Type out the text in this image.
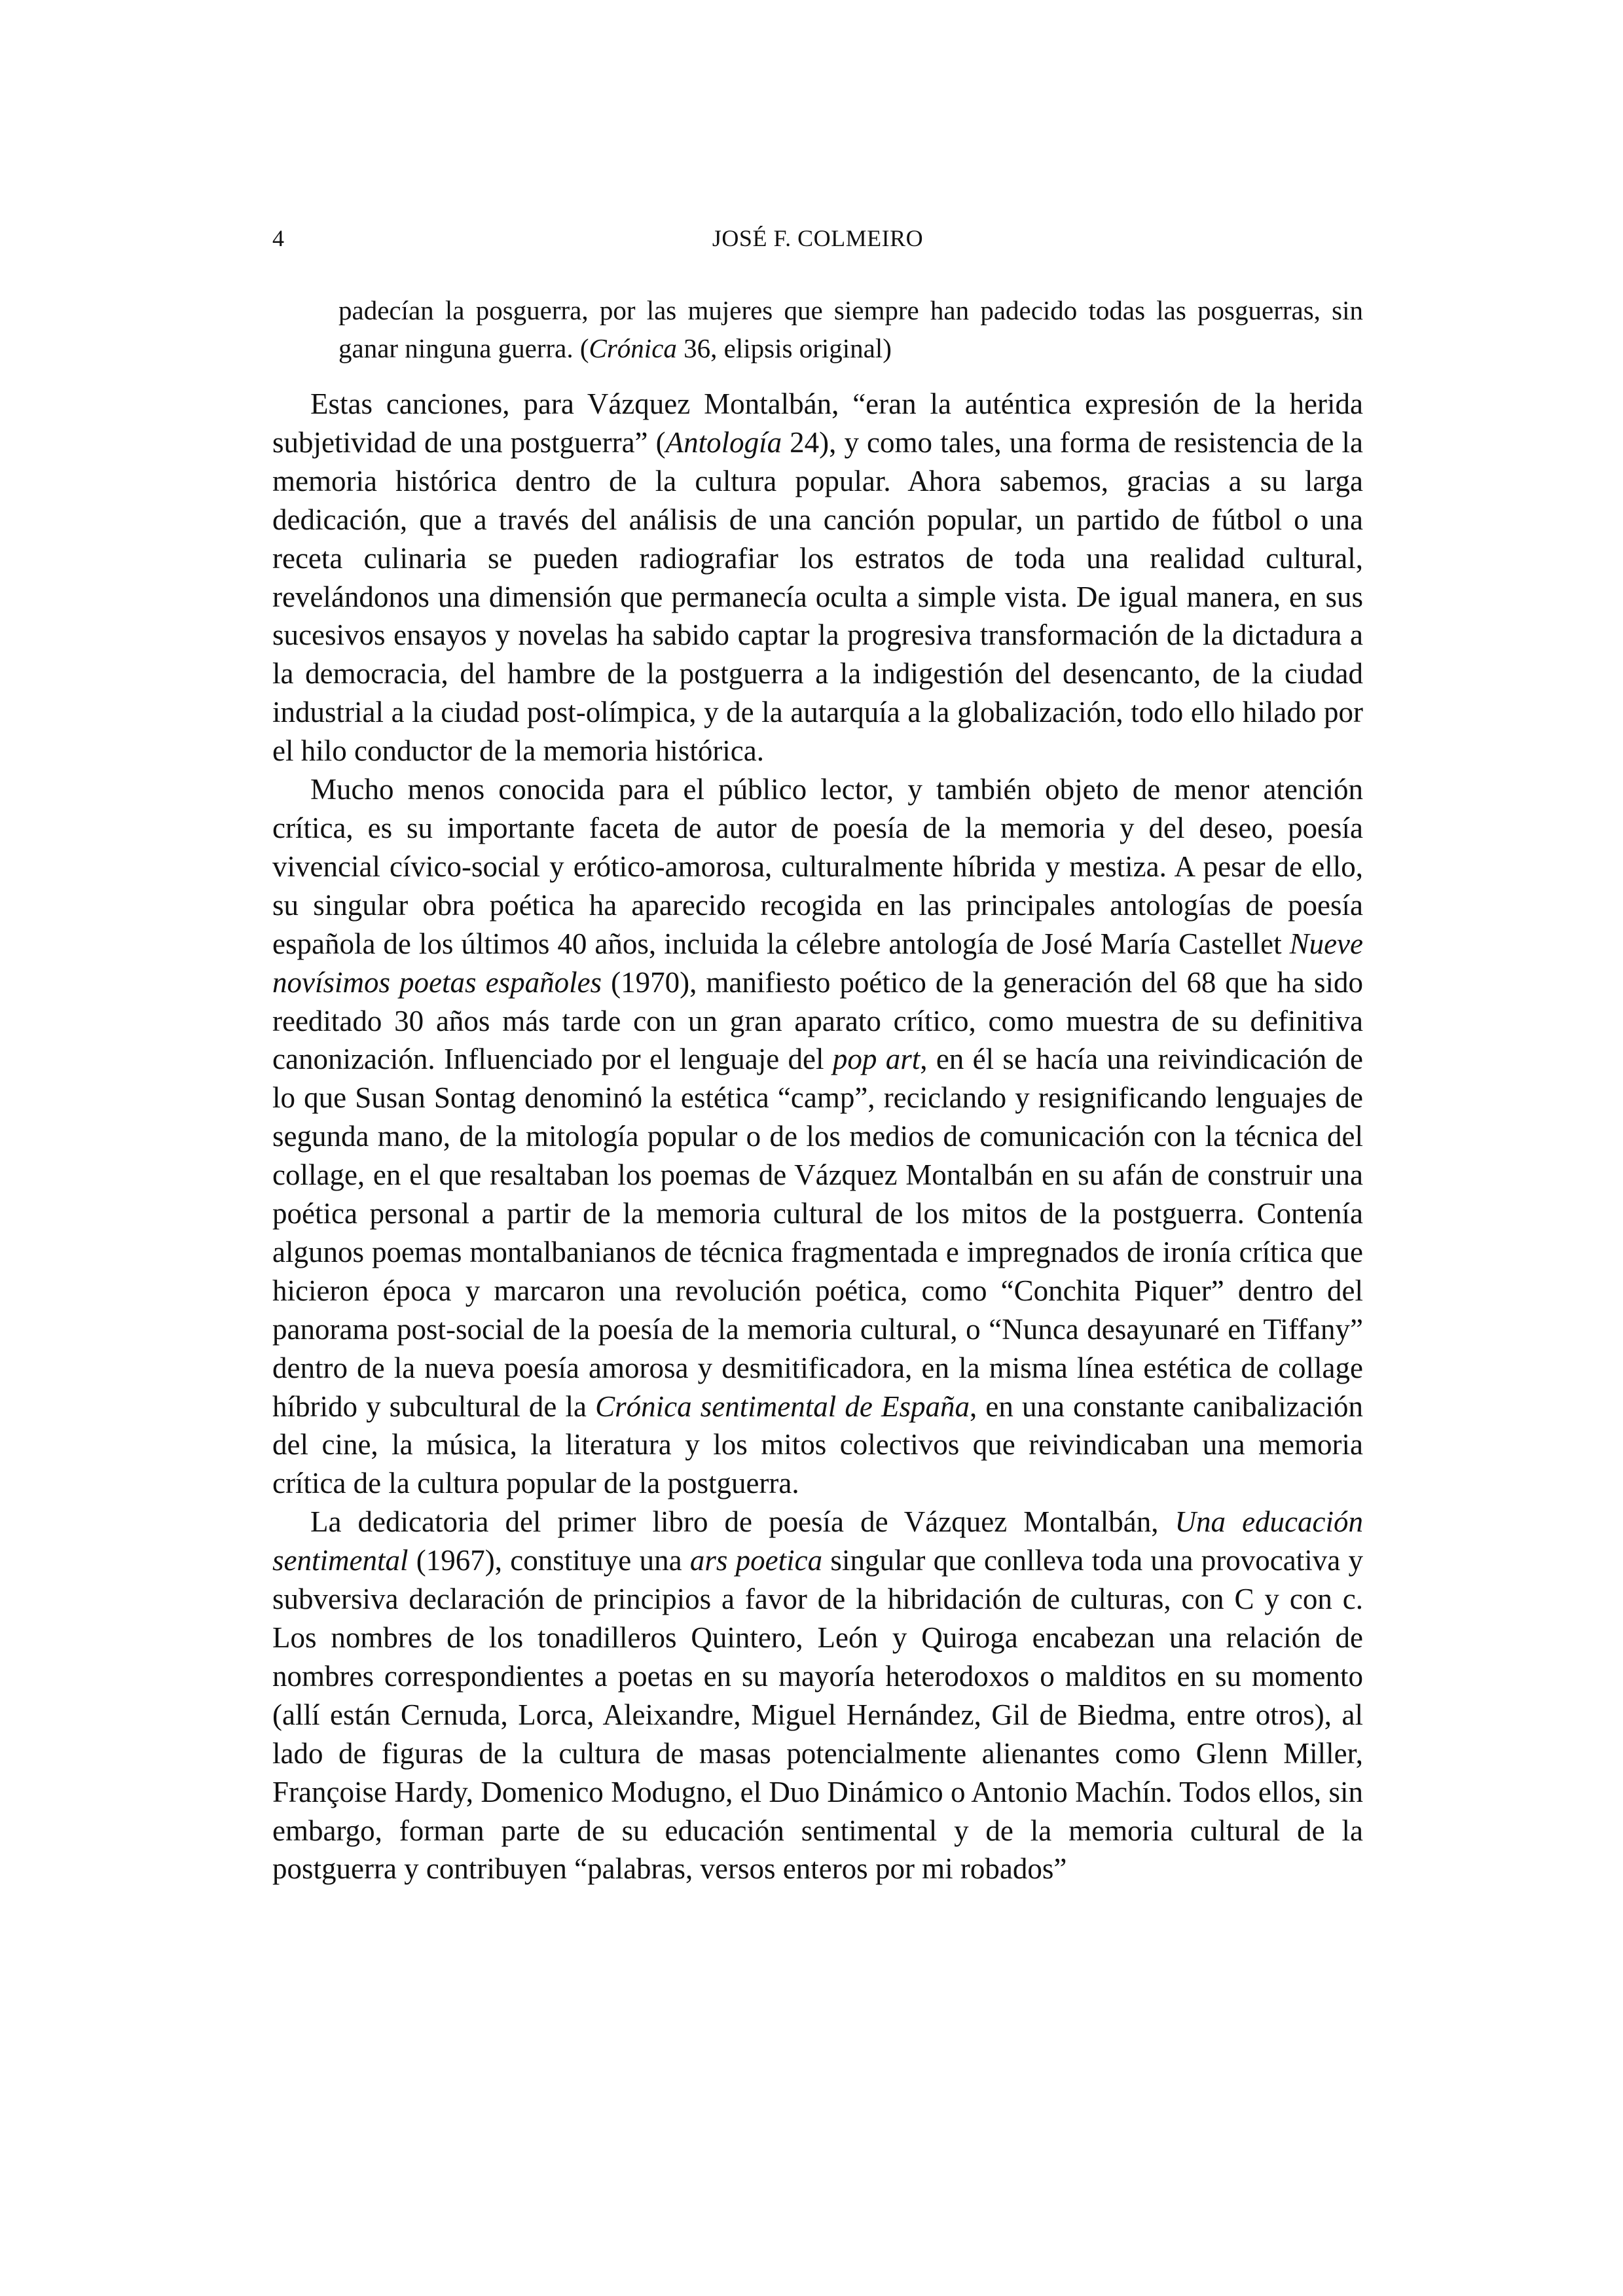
4	JOSÉ F. COLMEIRO

padecían la posguerra, por las mujeres que siempre han padecido todas las posguerras, sin ganar ninguna guerra. (Crónica 36, elipsis original)

Estas canciones, para Vázquez Montalbán, “eran la auténtica expresión de la herida subjetividad de una postguerra” (Antología 24), y como tales, una forma de resistencia de la memoria histórica dentro de la cultura popular. Ahora sabemos, gracias a su larga dedicación, que a través del análisis de una canción popular, un partido de fútbol o una receta culinaria se pueden radiografiar los estratos de toda una realidad cultural, revelándonos una dimensión que permanecía oculta a simple vista. De igual manera, en sus sucesivos ensayos y novelas ha sabido captar la progresiva transformación de la dictadura a la democracia, del hambre de la postguerra a la indigestión del desencanto, de la ciudad industrial a la ciudad post-olímpica, y de la autarquía a la globalización, todo ello hilado por el hilo conductor de la memoria histórica.

Mucho menos conocida para el público lector, y también objeto de menor atención crítica, es su importante faceta de autor de poesía de la memoria y del deseo, poesía vivencial cívico-social y erótico-amorosa, culturalmente híbrida y mestiza. A pesar de ello, su singular obra poética ha aparecido recogida en las principales antologías de poesía española de los últimos 40 años, incluida la célebre antología de José María Castellet Nueve novísimos poetas españoles (1970), manifiesto poético de la generación del 68 que ha sido reeditado 30 años más tarde con un gran aparato crítico, como muestra de su definitiva canonización. Influenciado por el lenguaje del pop art, en él se hacía una reivindicación de lo que Susan Sontag denominó la estética “camp”, reciclando y resignificando lenguajes de segunda mano, de la mitología popular o de los medios de comunicación con la técnica del collage, en el que resaltaban los poemas de Vázquez Montalbán en su afán de construir una poética personal a partir de la memoria cultural de los mitos de la postguerra. Contenía algunos poemas montalbanianos de técnica fragmentada e impregnados de ironía crítica que hicieron época y marcaron una revolución poética, como “Conchita Piquer” dentro del panorama post-social de la poesía de la memoria cultural, o “Nunca desayunaré en Tiffany” dentro de la nueva poesía amorosa y desmitificadora, en la misma línea estética de collage híbrido y subcultural de la Crónica sentimental de España, en una constante canibalización del cine, la música, la literatura y los mitos colectivos que reivindicaban una memoria crítica de la cultura popular de la postguerra.

La dedicatoria del primer libro de poesía de Vázquez Montalbán, Una educación sentimental (1967), constituye una ars poetica singular que conlleva toda una provocativa y subversiva declaración de principios a favor de la hibridación de culturas, con C y con c. Los nombres de los tonadilleros Quintero, León y Quiroga encabezan una relación de nombres correspondientes a poetas en su mayoría heterodoxos o malditos en su momento (allí están Cernuda, Lorca, Aleixandre, Miguel Hernández, Gil de Biedma, entre otros), al lado de figuras de la cultura de masas potencialmente alienantes como Glenn Miller, Françoise Hardy, Domenico Modugno, el Duo Dinámico o Antonio Machín. Todos ellos, sin embargo, forman parte de su educación sentimental y de la memoria cultural de la postguerra y contribuyen “palabras, versos enteros por mi robados”
